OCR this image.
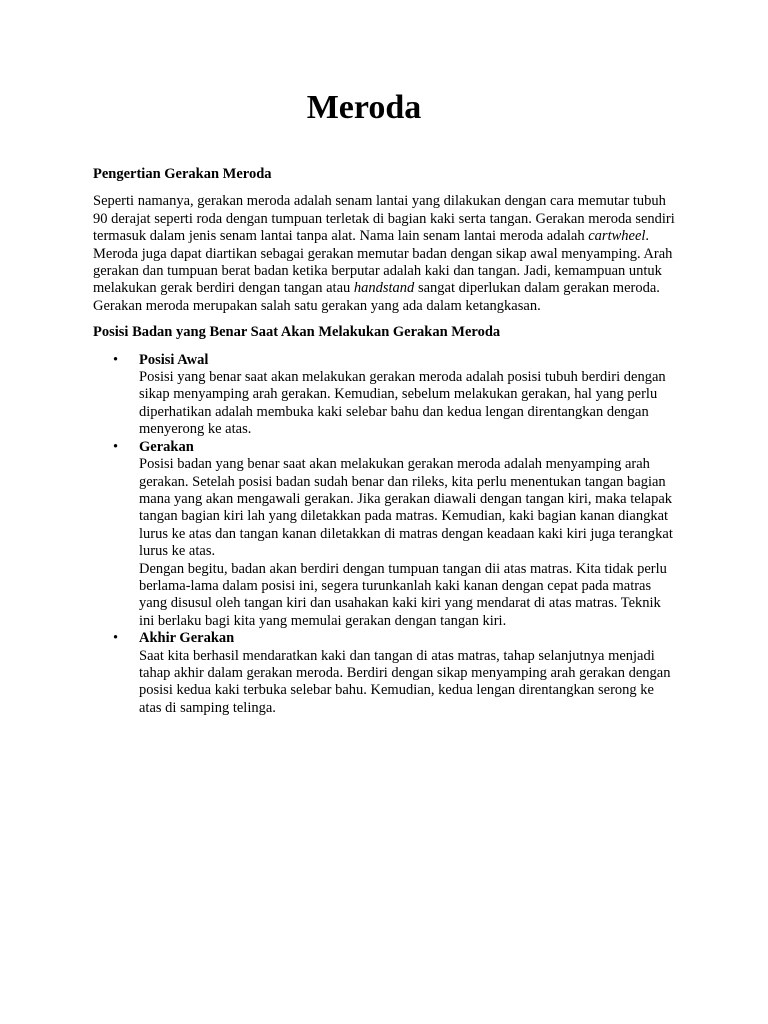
Meroda

Pengertian Gerakan Meroda

Seperti namanya, gerakan meroda adalah senam lantai yang dilakukan dengan cara memutar tubuh 90 derajat seperti roda dengan tumpuan terletak di bagian kaki serta tangan. Gerakan meroda sendiri termasuk dalam jenis senam lantai tanpa alat. Nama lain senam lantai meroda adalah cartwheel. Meroda juga dapat diartikan sebagai gerakan memutar badan dengan sikap awal menyamping. Arah gerakan dan tumpuan berat badan ketika berputar adalah kaki dan tangan. Jadi, kemampuan untuk melakukan gerak berdiri dengan tangan atau handstand sangat diperlukan dalam gerakan meroda. Gerakan meroda merupakan salah satu gerakan yang ada dalam ketangkasan.

Posisi Badan yang Benar Saat Akan Melakukan Gerakan Meroda

• Posisi Awal
Posisi yang benar saat akan melakukan gerakan meroda adalah posisi tubuh berdiri dengan sikap menyamping arah gerakan. Kemudian, sebelum melakukan gerakan, hal yang perlu diperhatikan adalah membuka kaki selebar bahu dan kedua lengan direntangkan dengan menyerong ke atas.
• Gerakan
Posisi badan yang benar saat akan melakukan gerakan meroda adalah menyamping arah gerakan. Setelah posisi badan sudah benar dan rileks, kita perlu menentukan tangan bagian mana yang akan mengawali gerakan. Jika gerakan diawali dengan tangan kiri, maka telapak tangan bagian kiri lah yang diletakkan pada matras. Kemudian, kaki bagian kanan diangkat lurus ke atas dan tangan kanan diletakkan di matras dengan keadaan kaki kiri juga terangkat lurus ke atas.
Dengan begitu, badan akan berdiri dengan tumpuan tangan dii atas matras. Kita tidak perlu berlama-lama dalam posisi ini, segera turunkanlah kaki kanan dengan cepat pada matras yang disusul oleh tangan kiri dan usahakan kaki kiri yang mendarat di atas matras. Teknik ini berlaku bagi kita yang memulai gerakan dengan tangan kiri.
• Akhir Gerakan
Saat kita berhasil mendaratkan kaki dan tangan di atas matras, tahap selanjutnya menjadi tahap akhir dalam gerakan meroda. Berdiri dengan sikap menyamping arah gerakan dengan posisi kedua kaki terbuka selebar bahu. Kemudian, kedua lengan direntangkan serong ke atas di samping telinga.
